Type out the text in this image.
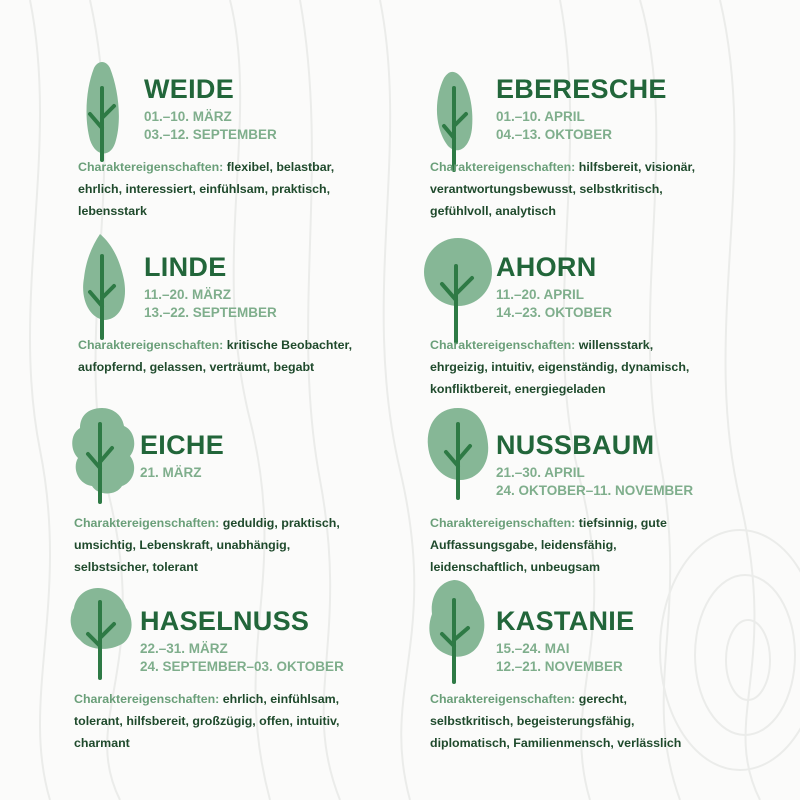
WEIDE
01.–10. MÄRZ
03.–12. SEPTEMBER

Charaktereigenschaften: flexibel, belastbar, ehrlich, interessiert, einfühlsam, praktisch, lebensstark

EBERESCHE
01.–10. APRIL
04.–13. OKTOBER

Charaktereigenschaften: hilfsbereit, visionär, verantwortungsbewusst, selbstkritisch, gefühlvoll, analytisch

LINDE
11.–20. MÄRZ
13.–22. SEPTEMBER

Charaktereigenschaften: kritische Beobachter, aufopfernd, gelassen, verträumt, begabt

AHORN
11.–20. APRIL
14.–23. OKTOBER

Charaktereigenschaften: willensstark, ehrgeizig, intuitiv, eigenständig, dynamisch, konfliktbereit, energiegeladen

EICHE
21. MÄRZ

Charaktereigenschaften: geduldig, praktisch, umsichtig, Lebenskraft, unabhängig, selbstsicher, tolerant

NUSSBAUM
21.–30. APRIL
24. OKTOBER–11. NOVEMBER

Charaktereigenschaften: tiefsinnig, gute Auffassungsgabe, leidensfähig, leidenschaftlich, unbeugsam

HASELNUSS
22.–31. MÄRZ
24. SEPTEMBER–03. OKTOBER

Charaktereigenschaften: ehrlich, einfühlsam, tolerant, hilfsbereit, großzügig, offen, intuitiv, charmant

KASTANIE
15.–24. MAI
12.–21. NOVEMBER

Charaktereigenschaften: gerecht, selbstkritisch, begeisterungsfähig, diplomatisch, Familienmensch, verlässlich
